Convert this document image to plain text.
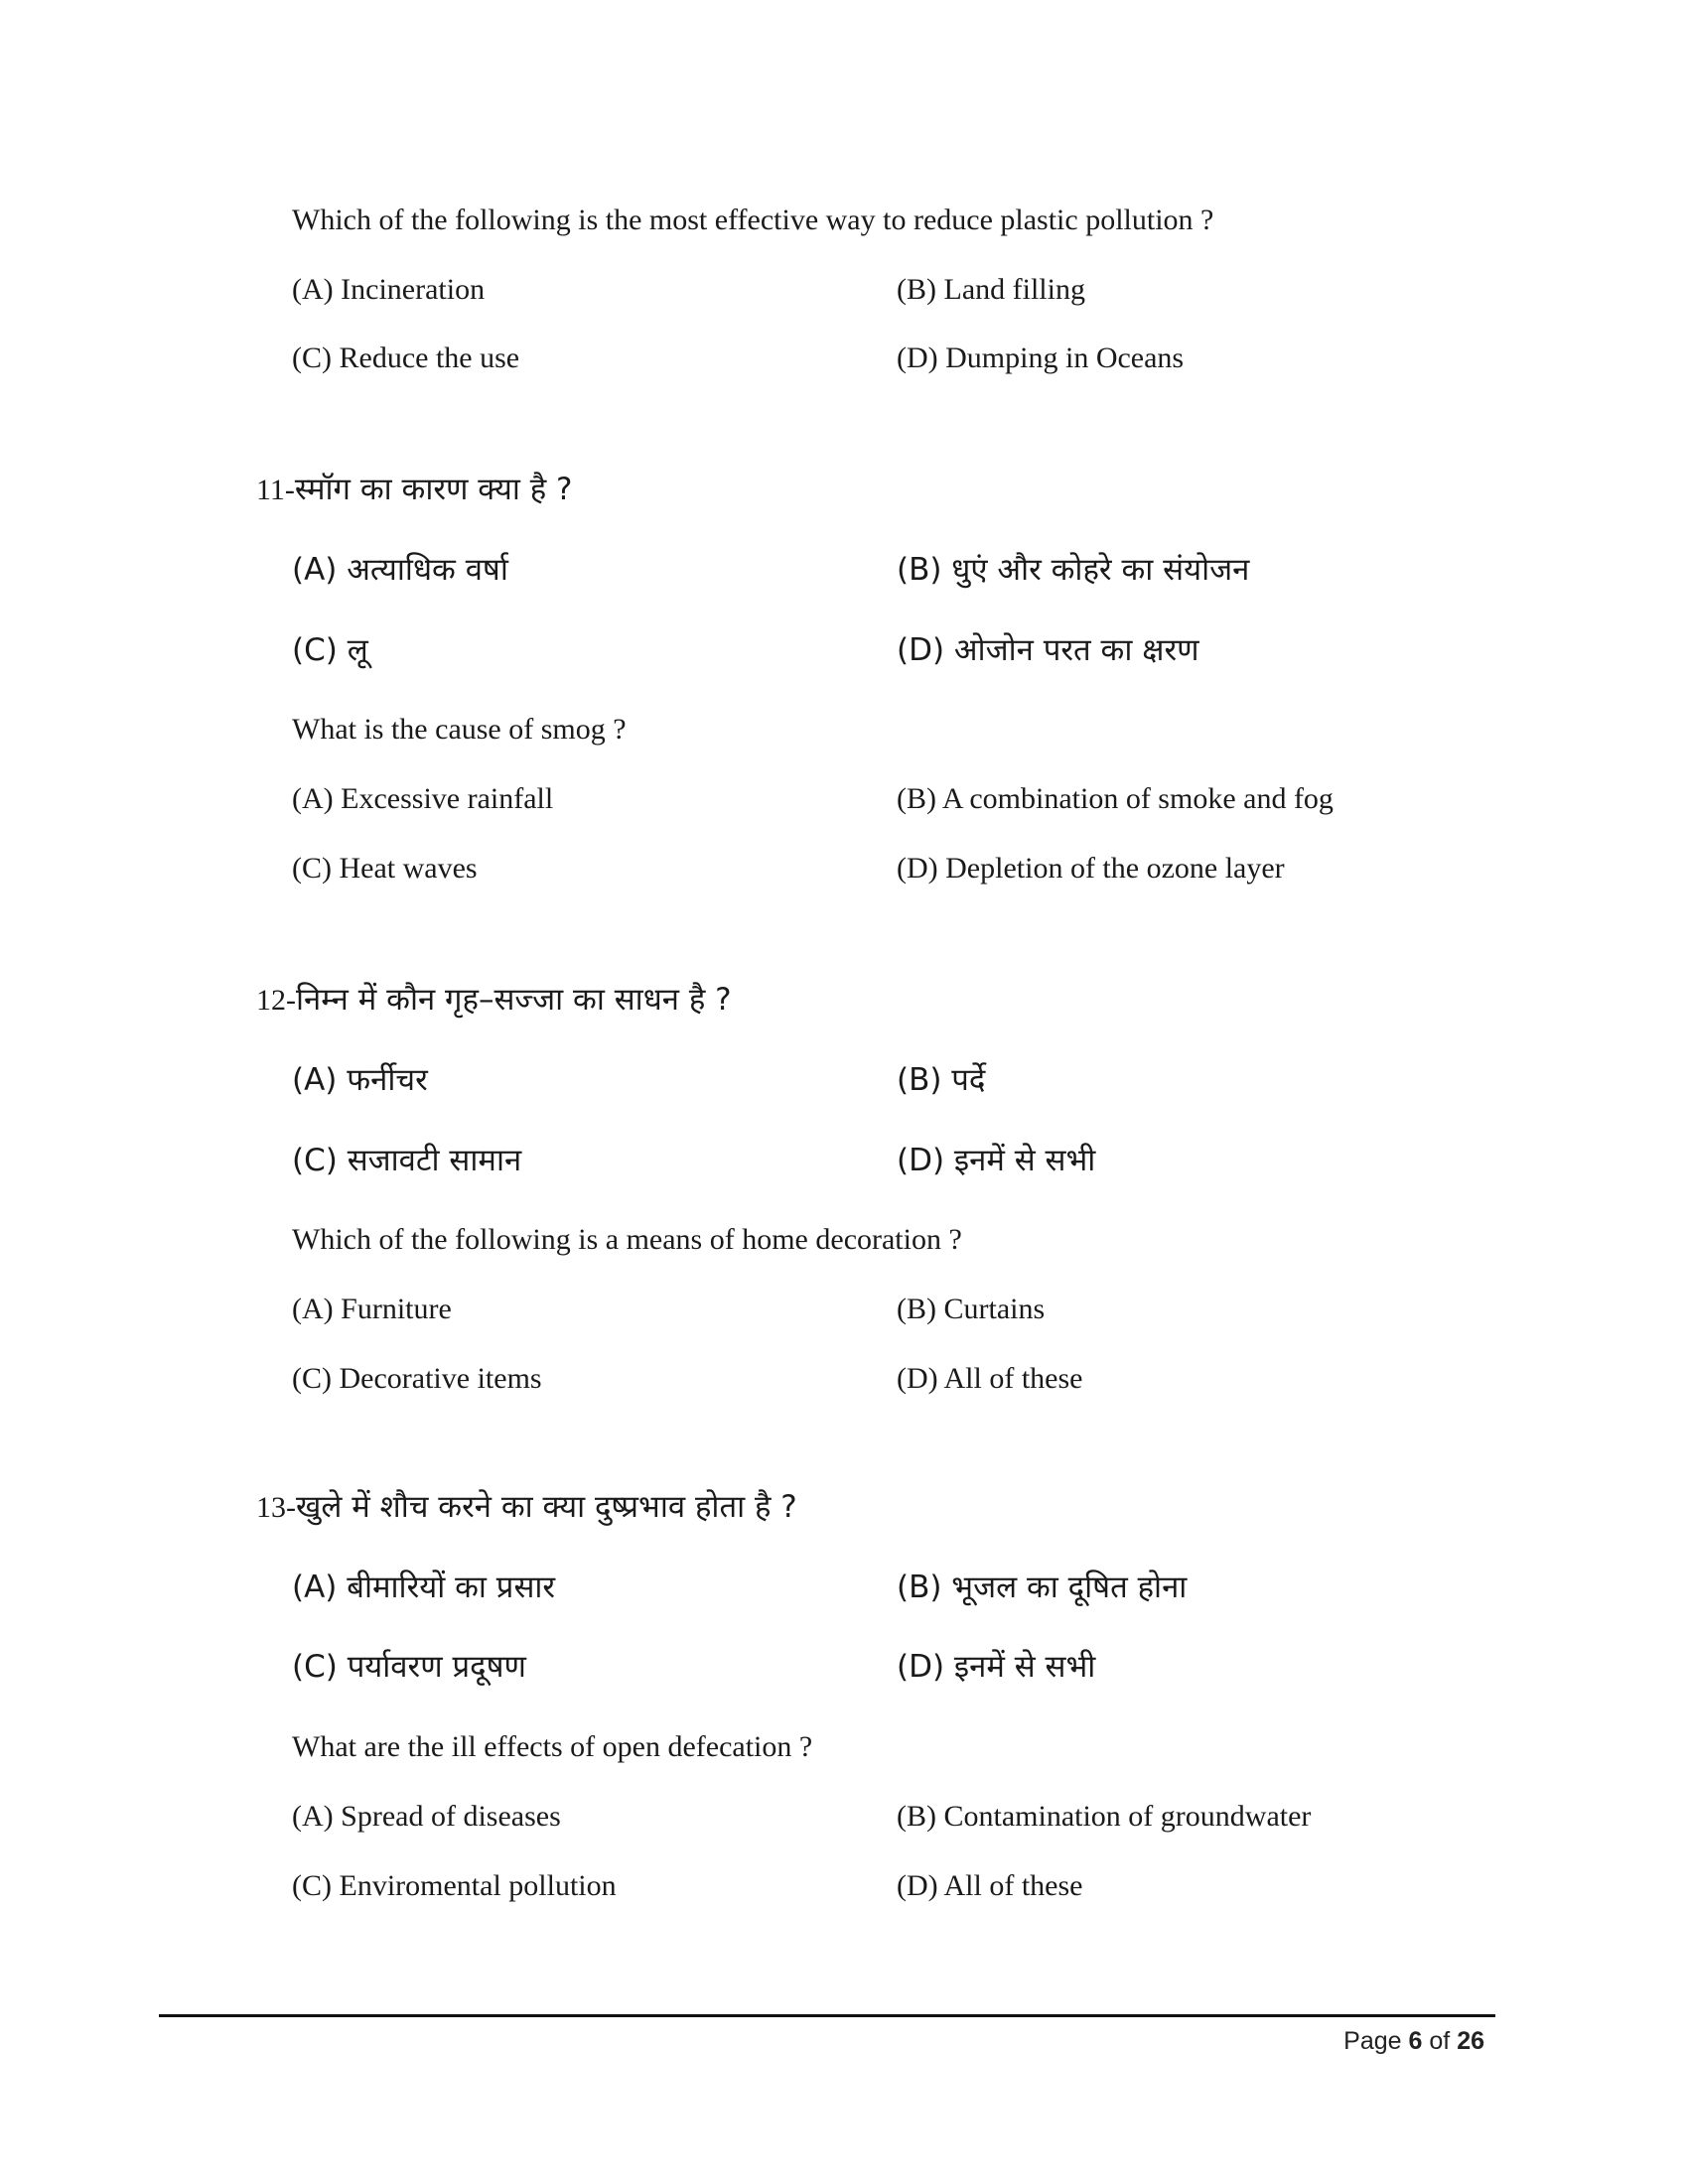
Which of the following is the most effective way to reduce plastic pollution ?
(A) Incineration	(B) Land filling
(C) Reduce the use	(D) Dumping in Oceans
11-स्मॉग का कारण क्या है ?
(A) अत्याधिक वर्षा	(B) धुएं और कोहरे का संयोजन
(C) लू	(D) ओजोन परत का क्षरण
What is the cause of smog ?
(A) Excessive rainfall	(B) A combination of smoke and fog
(C) Heat waves	(D) Depletion of the ozone layer
12-निम्न में कौन गृह–सज्जा का साधन है ?
(A) फर्नीचर	(B) पर्दे
(C) सजावटी सामान	(D) इनमें से सभी
Which of the following is a means of home decoration ?
(A) Furniture	(B) Curtains
(C) Decorative items	(D) All of these
13-खुले में शौच करने का क्या दुष्प्रभाव होता है ?
(A) बीमारियों का प्रसार	(B) भूजल का दूषित होना
(C) पर्यावरण प्रदूषण	(D) इनमें से सभी
What are the ill effects of open defecation ?
(A) Spread of diseases	(B) Contamination of groundwater
(C) Enviromental pollution	(D) All of these
Page 6 of 26
